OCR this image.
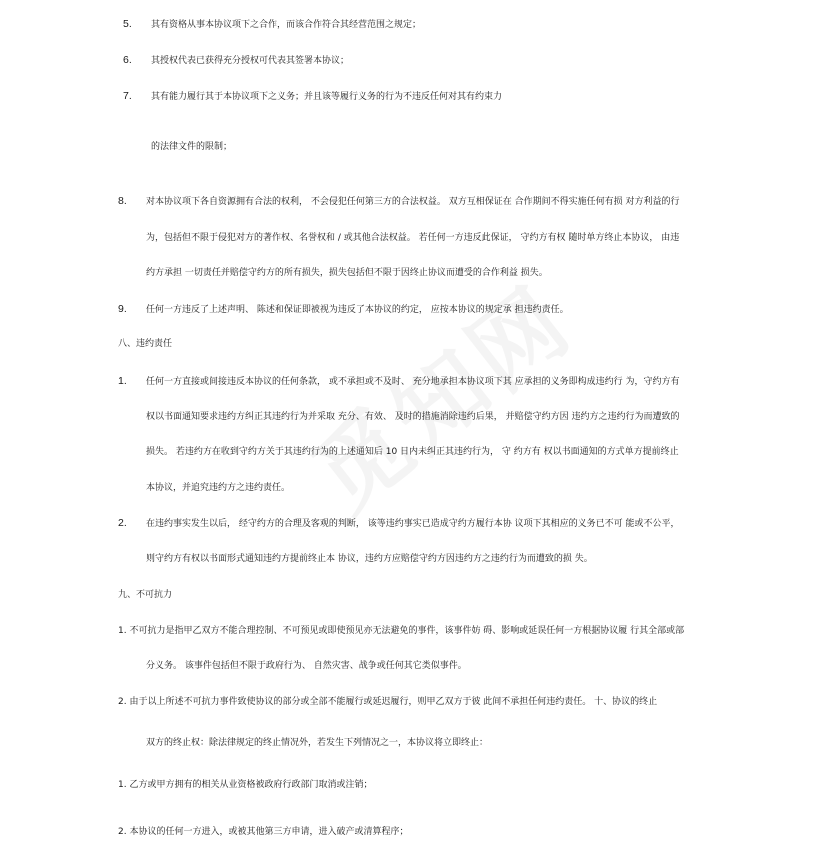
5. 其有资格从事本协议项下之合作，而该合作符合其经营范围之规定；
6. 其授权代表已获得充分授权可代表其签署本协议；
7. 其有能力履行其于本协议项下之义务；并且该等履行义务的行为不违反任何对其有约束力
的法律文件的限制；
8. 对本协议项下各自资源拥有合法的权利， 不会侵犯任何第三方的合法权益。 双方互相保证在 合作期间不得实施任何有损 对方利益的行
为，包括但不限于侵犯对方的著作权、名誉权和 / 或其他合法权益。 若任何一方违反此保证， 守约方有权 随时单方终止本协议， 由违
约方承担 一切责任并赔偿守约方的所有损失，损失包括但不限于因终止协议而遭受的合作利益 损失。
9. 任何一方违反了上述声明、 陈述和保证即被视为违反了本协议的约定， 应按本协议的规定承 担违约责任。
八、违约责任
1. 任何一方直接或间接违反本协议的任何条款， 或不承担或不及时、 充分地承担本协议项下其 应承担的义务即构成违约行 为，守约方有
权以书面通知要求违约方纠正其违约行为并采取 充分、有效、 及时的措施消除违约后果， 并赔偿守约方因 违约方之违约行为而遭致的
损失。 若违约方在收到守约方关于其违约行为的上述通知后 10 日内未纠正其违约行为， 守 约方有 权以书面通知的方式单方提前终止
本协议，并追究违约方之违约责任。
2. 在违约事实发生以后， 经守约方的合理及客观的判断， 该等违约事实已造成守约方履行本协 议项下其相应的义务已不可 能或不公平，
则守约方有权以书面形式通知违约方提前终止本 协议，违约方应赔偿守约方因违约方之违约行为而遭致的损 失。
九、不可抗力
1. 不可抗力是指甲乙双方不能合理控制、不可预见或即使预见亦无法避免的事件，该事件妨 碍、影响或延误任何一方根据协议履 行其全部或部
分义务。 该事件包括但不限于政府行为、 自然灾害、战争或任何其它类似事件。
2. 由于以上所述不可抗力事件致使协议的部分或全部不能履行或延迟履行，则甲乙双方于彼 此间不承担任何违约责任。 十、协议的终止
双方的终止权：除法律规定的终止情况外，若发生下列情况之一，本协议将立即终止：
1. 乙方或甲方拥有的相关从业资格被政府行政部门取消或注销；
2. 本协议的任何一方进入，或被其他第三方申请，进入破产或清算程序；
